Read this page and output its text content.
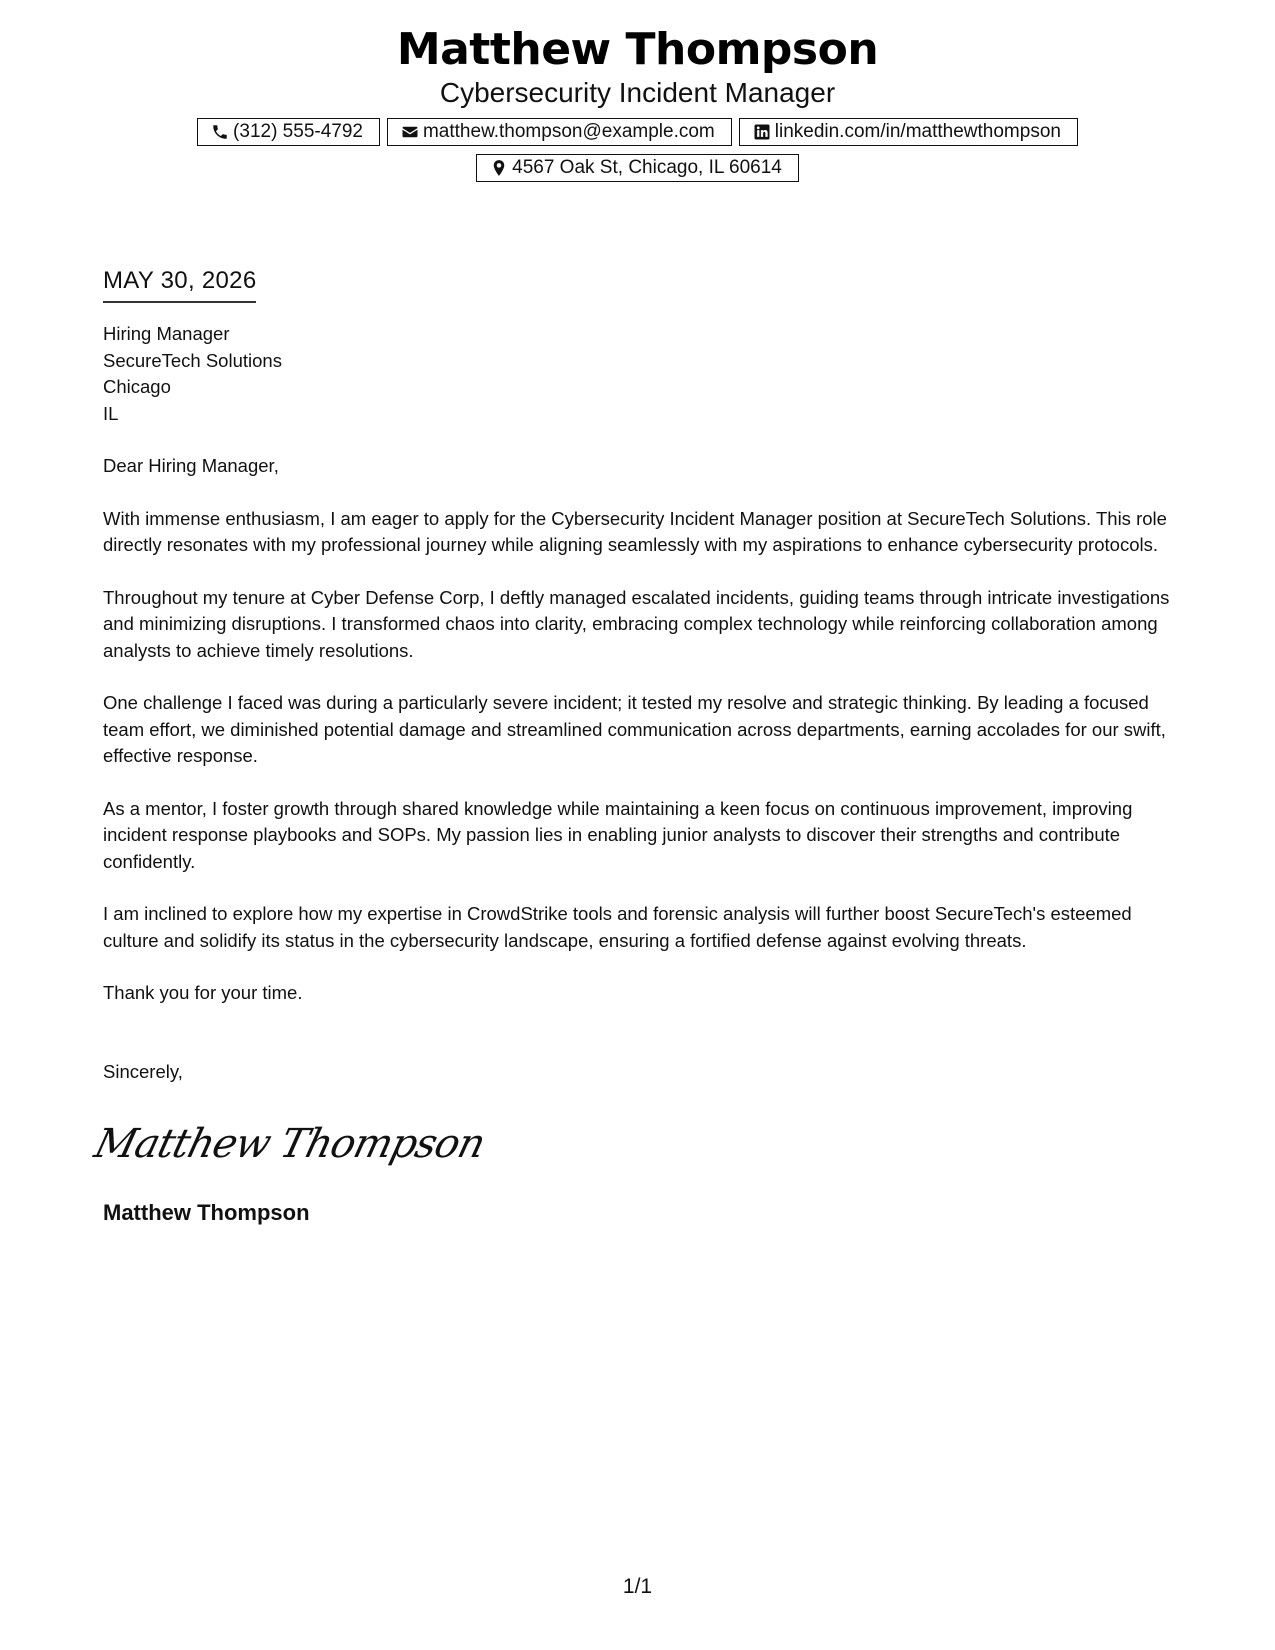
Matthew Thompson
Cybersecurity Incident Manager
(312) 555-4792	matthew.thompson@example.com	linkedin.com/in/matthewthompson
4567 Oak St, Chicago, IL 60614
MAY 30, 2026
Hiring Manager
SecureTech Solutions
Chicago
IL

Dear Hiring Manager,

With immense enthusiasm, I am eager to apply for the Cybersecurity Incident Manager position at SecureTech Solutions. This role directly resonates with my professional journey while aligning seamlessly with my aspirations to enhance cybersecurity protocols.

Throughout my tenure at Cyber Defense Corp, I deftly managed escalated incidents, guiding teams through intricate investigations and minimizing disruptions. I transformed chaos into clarity, embracing complex technology while reinforcing collaboration among analysts to achieve timely resolutions.

One challenge I faced was during a particularly severe incident; it tested my resolve and strategic thinking. By leading a focused team effort, we diminished potential damage and streamlined communication across departments, earning accolades for our swift, effective response.

As a mentor, I foster growth through shared knowledge while maintaining a keen focus on continuous improvement, improving incident response playbooks and SOPs. My passion lies in enabling junior analysts to discover their strengths and contribute confidently.

I am inclined to explore how my expertise in CrowdStrike tools and forensic analysis will further boost SecureTech's esteemed culture and solidify its status in the cybersecurity landscape, ensuring a fortified defense against evolving threats.

Thank you for your time.

Sincerely,
Matthew Thompson
Matthew Thompson
1/1
